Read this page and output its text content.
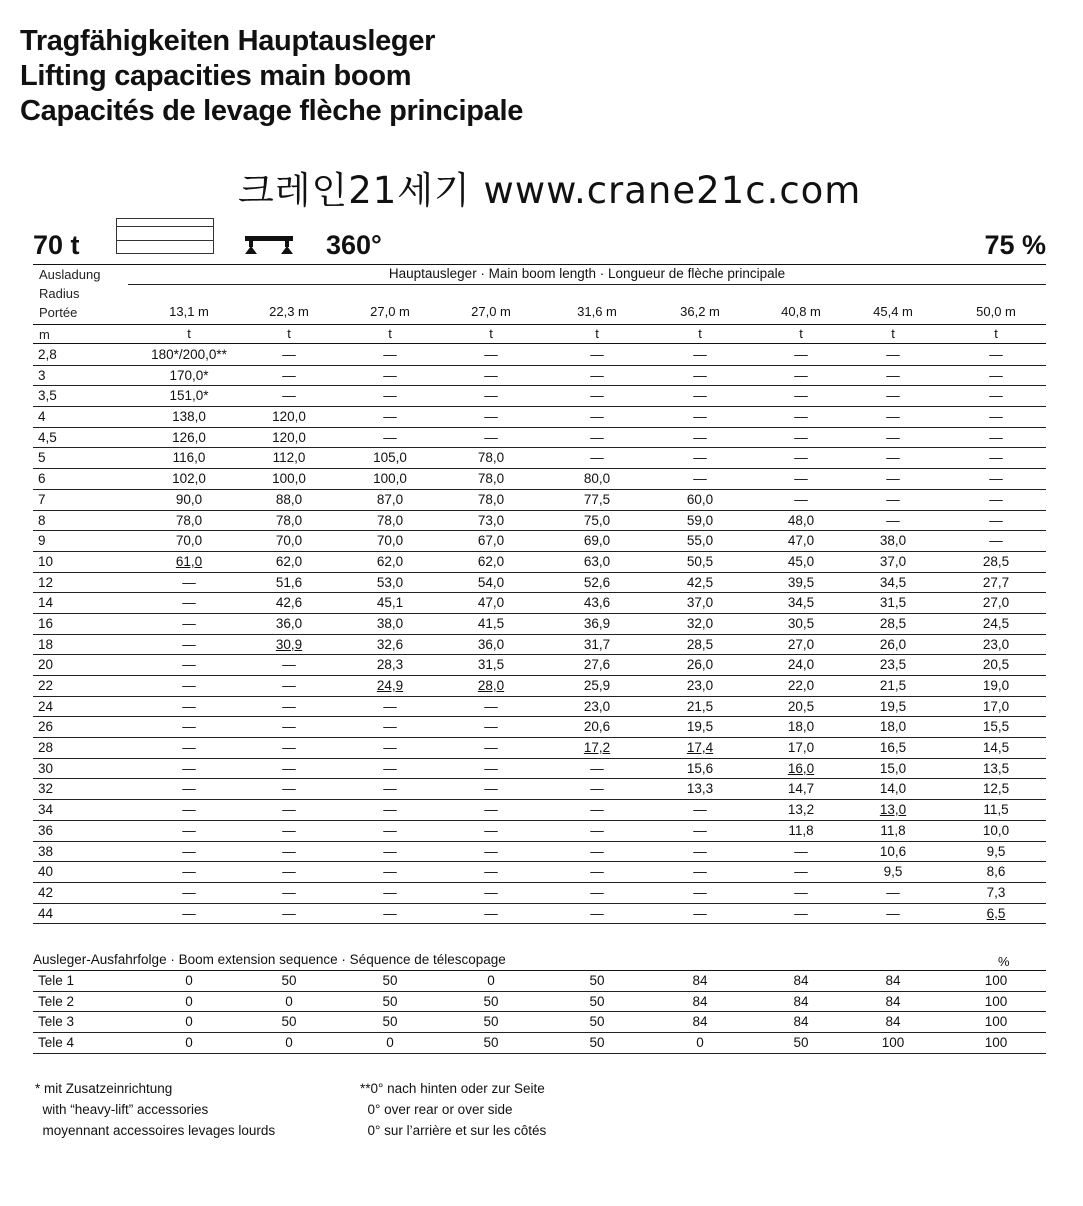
Tragfähigkeiten Hauptausleger
Lifting capacities main boom
Capacités de levage flèche principale
크레인21세기 www.crane21c.com
70 t	360°	75 %
Ausladung
Radius
Portée
Hauptausleger · Main boom length · Longueur de flèche principale
13,1 m	22,3 m	27,0 m	27,0 m	31,6 m	36,2 m	40,8 m	45,4 m	50,0 m
m	t	t	t	t	t	t	t	t	t
2,8	180*/200,0**	—	—	—	—	—	—	—	—
3	170,0*	—	—	—	—	—	—	—	—
3,5	151,0*	—	—	—	—	—	—	—	—
4	138,0	120,0	—	—	—	—	—	—	—
4,5	126,0	120,0	—	—	—	—	—	—	—
5	116,0	112,0	105,0	78,0	—	—	—	—	—
6	102,0	100,0	100,0	78,0	80,0	—	—	—	—
7	90,0	88,0	87,0	78,0	77,5	60,0	—	—	—
8	78,0	78,0	78,0	73,0	75,0	59,0	48,0	—	—
9	70,0	70,0	70,0	67,0	69,0	55,0	47,0	38,0	—
10	61,0	62,0	62,0	62,0	63,0	50,5	45,0	37,0	28,5
12	—	51,6	53,0	54,0	52,6	42,5	39,5	34,5	27,7
14	—	42,6	45,1	47,0	43,6	37,0	34,5	31,5	27,0
16	—	36,0	38,0	41,5	36,9	32,0	30,5	28,5	24,5
18	—	30,9	32,6	36,0	31,7	28,5	27,0	26,0	23,0
20	—	—	28,3	31,5	27,6	26,0	24,0	23,5	20,5
22	—	—	24,9	28,0	25,9	23,0	22,0	21,5	19,0
24	—	—	—	—	23,0	21,5	20,5	19,5	17,0
26	—	—	—	—	20,6	19,5	18,0	18,0	15,5
28	—	—	—	—	17,2	17,4	17,0	16,5	14,5
30	—	—	—	—	—	15,6	16,0	15,0	13,5
32	—	—	—	—	—	13,3	14,7	14,0	12,5
34	—	—	—	—	—	—	13,2	13,0	11,5
36	—	—	—	—	—	—	11,8	11,8	10,0
38	—	—	—	—	—	—	—	10,6	9,5
40	—	—	—	—	—	—	—	9,5	8,6
42	—	—	—	—	—	—	—	—	7,3
44	—	—	—	—	—	—	—	—	6,5
Ausleger-Ausfahrfolge · Boom extension sequence · Séquence de télescopage	%
Tele 1	0	50	50	0	50	84	84	84	100
Tele 2	0	0	50	50	50	84	84	84	100
Tele 3	0	50	50	50	50	84	84	84	100
Tele 4	0	0	0	50	50	0	50	100	100
* mit Zusatzeinrichtung
with “heavy-lift” accessories
moyennant accessoires levages lourds
**0° nach hinten oder zur Seite
0° over rear or over side
0° sur l’arrière et sur les côtés
